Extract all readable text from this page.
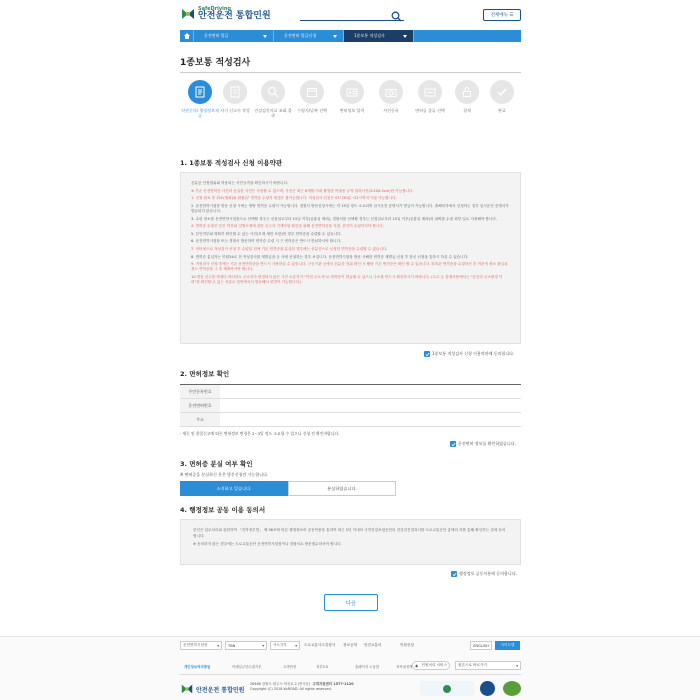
SafeDriving
안전운전 통합민원	전체메뉴 ☰
운전면허 발급	운전면허 발급신청	1종보통 적성검사
1종보통 적성검사
약관동의/ 행정정보제공
자기 신고서 작성	건강검진자료 조회 결과
수령지/날짜 선택	면허정보 입력	사진등록	면허증 종류 선택	결제	완료
1. 1종보통 적성검사 신청 이용약관

신분증 인정범위와 허용되는 사진규격을 확인하시기 바랍니다.

※ 기존 운전면허증 사진과 동일한 사진은 사용할 수 없으며, 사진은 최근 6개월 이내 촬영한 여권용 규격 컬러사진(3.5X4.5cm)만 가능합니다.

1. 신청 완료 후 취소(철회)와 환불(부 면허증 수령지 변경은 불가능합니다. 적성검사 신청은 07시30분~22시까지 이용 가능합니다.

2. 운전면허시험장 방문 신청 시에는 방탕 면허증 수령이 가능합니다. 경찰서 방문신청시에는 약 15일 정도 소요되며 임시운전 증명서가 발급이 가능합니다. 출해미자에서 신청하는 경우 임시운전 증명서가 발급되지 않습니다.

3. 수령 장소를 운전면허시험장으로 선택할 경우는 신청일로부터 15일 이후(공휴일 제외), 경찰서를 선택할 경우는 신청일로부터 15일 이후(공휴일 제외)의 날짜를 수령 희망 일로 지정해야 합니다.

4. 면허증 수령은 본인 여부와 질병소재에 관한 신고서 기재사항 확인을 위해 운전면허증을 지참, 본인이 수령하셔야 합니다.

5. 본인여부와 명확히 확인할 수 있는 사진(모재 세민 포함)만 경우 면허증을 수령할 수 있습니다.

6. 운전면허시험장 또는 경찰서 방문하여 면허증 수령 시 구 면허증은 반드시 반납하셔야 합니다.

7. 인터넷으로 적성검사 신청 후 수령일 전에 기존 면허증을 분실한 경우에는 신분증으로 신청한 면허증을 수령할 수 없습니다.

8. 면허증 분실자는 민원24로 전 적성검사를 재발급을 등 사에 신청하는 경우 보입니다. 운전면허시험장 방문 시해한 면허증 재발급 신청 후 잠신 신청을 통하시 하실 수 있습니다.

9. 적성검사 신청 후에는 기존 운전면허증을 반드시 사용하실 수 있습니다. 구공기관 등에서 신분증 진위 확인 시 해당 기존 면허증은 확인 할 수 있습니다. 파혹된 면허증을 수령하신 후 이문적 정보 불일치 정도 면허증을 그 후 제출하셔야 합니다.

10.면입 신고를 하셨다 하더라도 주소지가 변경되지 않은 사진 소유자가 "이전 주소지"로 면허증이 발급될 수 있으니 주소를 반드시 확인하시기 바랍니다. (도로 등 통행사용에서는 "본인의 주소변경 이력"을 확인할 수 있는 서류로 한번에서서 방문해서 변경이 가능합니다.)

1종보통 적성검사 신청 이용약관에 동의합니다.
2. 면허정보 확인
주민등록번호
운전면허번호
주소
· 재등 및 한일신고에 따른 면허정보 변경은 2~3일 정도 소요될 수 있으니 신청 전 확인바랍니다.
운전면허 정보를 확인하였습니다.
3. 면허증 분실 여부 확인
※ 면허증을 분실하신 분은 방문신청만 가능합니다.
소지하고 있습니다.	분실하였습니다.
4. 행정정보 공동 이용 동의서

본인은 업무처리와 관련하여 「전자정부법」 제 36조에 따른 행정정보의 공동이용을 통하여 최근 2년 이내의 국민건강보험공단의 건강검진결과서를 도로교통공단 총에의 자를 통해 확인하는 것에 동의합니다.

※ 동의하지 않는 경우에는 도로교통공단 운전면허시험장이나 경찰서로 방문접수하셔야 합니다.

행정정보 공동이용에 동의합니다.
다음
운전면허시험장	▾	TBN	▾	사도가부 ▾ 도로교통사고감정사 정보공개 안전교통의	민원신청	ENGLISH	사이트맵
개인정보처리방침	이메일무단수집거부	고객헌장	정부3.0	홈페이지 도움말	저작권정책 ◉ 민원처리 서비스	원본으로 바로가기	▾
안전운전 통합민원
26466 강원도 원주시 혁신로 2 (반곡동) 고객지원센터 1577-1120
Copyright (C) 2018 KoROAD. All rights reserved.
